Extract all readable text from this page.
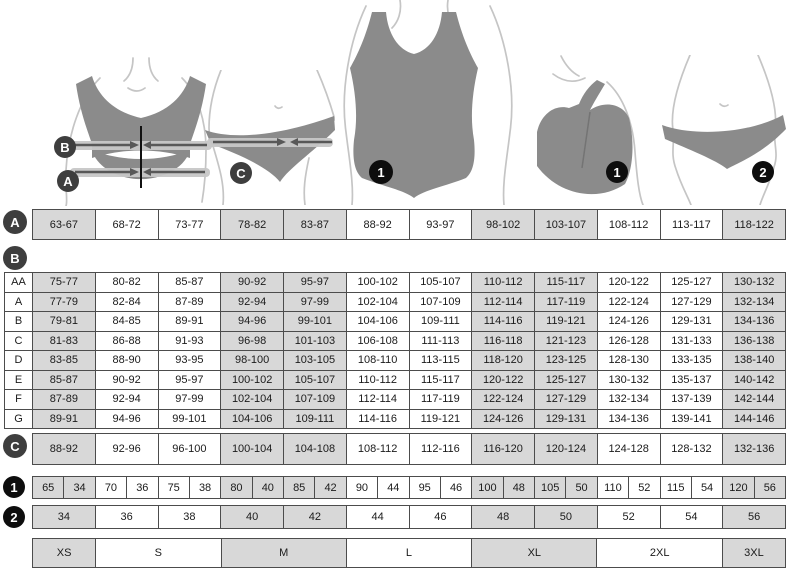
B
A
C	1	1	2
A
B
C
1
2
63-67	68-72	73-77	78-82	83-87	88-92	93-97	98-102	103-107	108-112	113-117	118-122
AA	75-77	80-82	85-87	90-92	95-97	100-102	105-107	110-112	115-117	120-122	125-127	130-132
A	77-79	82-84	87-89	92-94	97-99	102-104	107-109	112-114	117-119	122-124	127-129	132-134
B	79-81	84-85	89-91	94-96	99-101	104-106	109-111	114-116	119-121	124-126	129-131	134-136
C	81-83	86-88	91-93	96-98	101-103	106-108	111-113	116-118	121-123	126-128	131-133	136-138
D	83-85	88-90	93-95	98-100	103-105	108-110	113-115	118-120	123-125	128-130	133-135	138-140
E	85-87	90-92	95-97	100-102	105-107	110-112	115-117	120-122	125-127	130-132	135-137	140-142
F	87-89	92-94	97-99	102-104	107-109	112-114	117-119	122-124	127-129	132-134	137-139	142-144
G	89-91	94-96	99-101	104-106	109-111	114-116	119-121	124-126	129-131	134-136	139-141	144-146
88-92	92-96	96-100	100-104	104-108	108-112	112-116	116-120	120-124	124-128	128-132	132-136
65	34	70	36	75	38	80	40	85	42	90	44	95	46	100	48	105	50	110	52	115	54	120	56
34	36	38	40	42	44	46	48	50	52	54	56
XS	S	M	L	XL	2XL	3XL
